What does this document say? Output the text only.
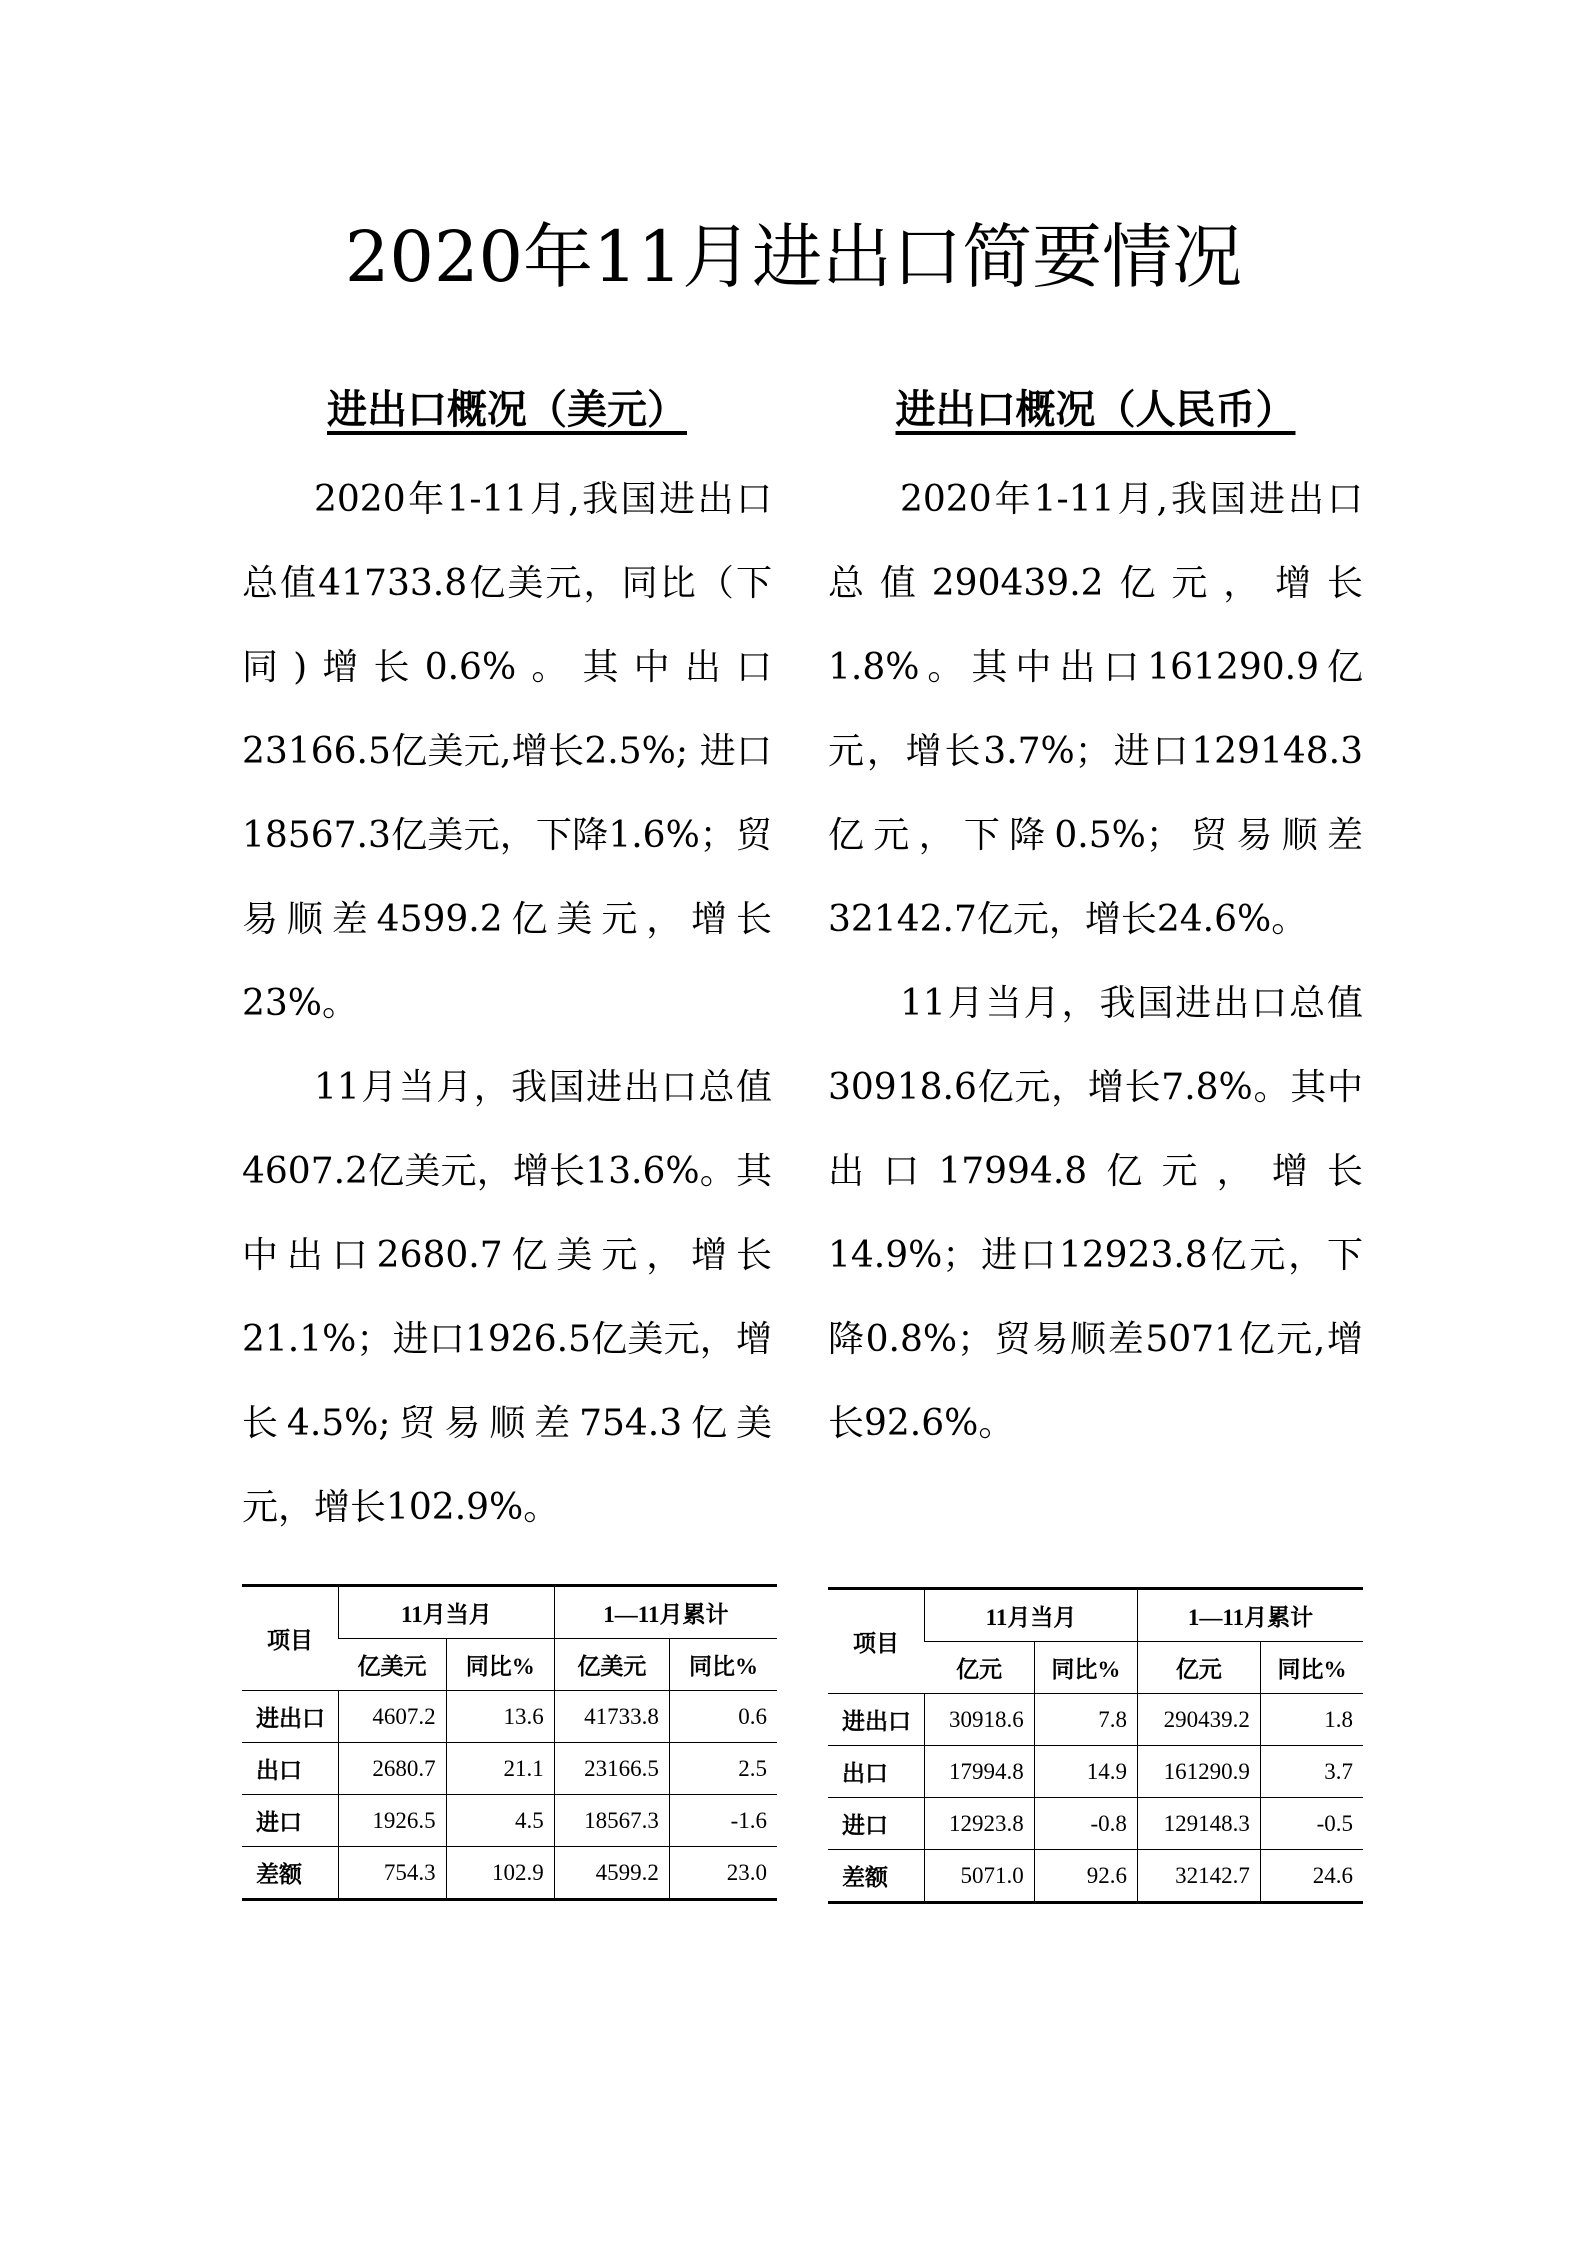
2020年11月进出口简要情况
进出口概况（美元）

2020年1-11月,我国进出口总值41733.8亿美元，同比（下同)增长0.6%。其中出口23166.5亿美元,增长2.5%; 进口18567.3亿美元，下降1.6%；贸易顺差4599.2亿美元，增长23%。

11月当月，我国进出口总值4607.2亿美元，增长13.6%。其中出口2680.7亿美元，增长21.1%；进口1926.5亿美元，增长4.5%;贸易顺差754.3亿美元，增长102.9%。

进出口概况（人民币）

2020年1-11月,我国进出口总值290439.2亿元，增长1.8%。其中出口161290.9亿元，增长3.7%；进口129148.3亿元，下降0.5%；贸易顺差32142.7亿元，增长24.6%。

11月当月，我国进出口总值30918.6亿元，增长7.8%。其中出口17994.8亿元，增长14.9%；进口12923.8亿元，下降0.8%；贸易顺差5071亿元,增长92.6%。

项目	11月当月		1—11月累计	
	亿美元	同比%	亿美元	同比%
进出口	4607.2	13.6	41733.8	0.6
出口	2680.7	21.1	23166.5	2.5
进口	1926.5	4.5	18567.3	-1.6
差额	754.3	102.9	4599.2	23.0
项目	11月当月		1—11月累计	
	亿元	同比%	亿元	同比%
进出口	30918.6	7.8	290439.2	1.8
出口	17994.8	14.9	161290.9	3.7
进口	12923.8	-0.8	129148.3	-0.5
差额	5071.0	92.6	32142.7	24.6
